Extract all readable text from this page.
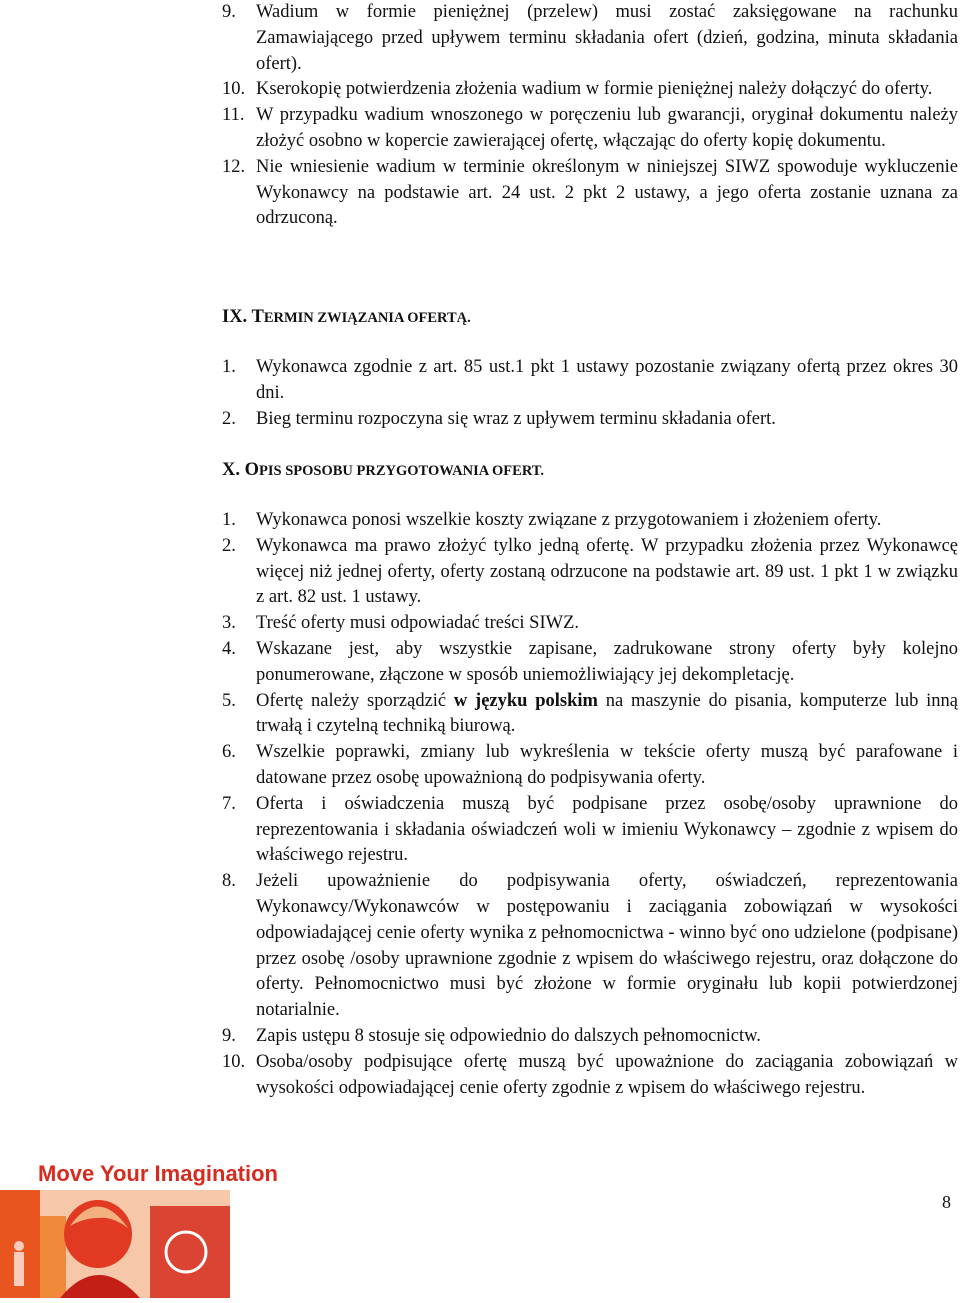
9. Wadium w formie pieniężnej (przelew) musi zostać zaksięgowane na rachunku Zamawiającego przed upływem terminu składania ofert (dzień, godzina, minuta składania ofert).
10. Kserokopię potwierdzenia złożenia wadium w formie pieniężnej należy dołączyć do oferty.
11. W przypadku wadium wnoszonego w poręczeniu lub gwarancji, oryginał dokumentu należy złożyć osobno w kopercie zawierającej ofertę, włączając do oferty kopię dokumentu.
12. Nie wniesienie wadium w terminie określonym w niniejszej SIWZ spowoduje wykluczenie Wykonawcy na podstawie art. 24 ust. 2 pkt 2 ustawy, a jego oferta zostanie uznana za odrzuconą.
IX. TERMIN ZWIĄZANIA OFERTĄ.
1. Wykonawca zgodnie z art. 85 ust.1 pkt 1 ustawy pozostanie związany ofertą przez okres 30 dni.
2. Bieg terminu rozpoczyna się wraz z upływem terminu składania ofert.
X. OPIS SPOSOBU PRZYGOTOWANIA OFERT.
1. Wykonawca ponosi wszelkie koszty związane z przygotowaniem i złożeniem oferty.
2. Wykonawca ma prawo złożyć tylko jedną ofertę. W przypadku złożenia przez Wykonawcę więcej niż jednej oferty, oferty zostaną odrzucone na podstawie art. 89 ust. 1 pkt 1 w związku z art. 82 ust. 1 ustawy.
3. Treść oferty musi odpowiadać treści SIWZ.
4. Wskazane jest, aby wszystkie zapisane, zadrukowane strony oferty były kolejno ponumerowane, złączone w sposób uniemożliwiający jej dekompletację.
5. Ofertę należy sporządzić w języku polskim na maszynie do pisania, komputerze lub inną trwałą i czytelną techniką biurową.
6. Wszelkie poprawki, zmiany lub wykreślenia w tekście oferty muszą być parafowane i datowane przez osobę upoważnioną do podpisywania oferty.
7. Oferta i oświadczenia muszą być podpisane przez osobę/osoby uprawnione do reprezentowania i składania oświadczeń woli w imieniu Wykonawcy – zgodnie z wpisem do właściwego rejestru.
8. Jeżeli upoważnienie do podpisywania oferty, oświadczeń, reprezentowania Wykonawcy/Wykonawców w postępowaniu i zaciągania zobowiązań w wysokości odpowiadającej cenie oferty wynika z pełnomocnictwa - winno być ono udzielone (podpisane) przez osobę /osoby uprawnione zgodnie z wpisem do właściwego rejestru, oraz dołączone do oferty. Pełnomocnictwo musi być złożone w formie oryginału lub kopii potwierdzonej notarialnie.
9. Zapis ustępu 8 stosuje się odpowiednio do dalszych pełnomocnictw.
10. Osoba/osoby podpisujące ofertę muszą być upoważnione do zaciągania zobowiązań w wysokości odpowiadającej cenie oferty zgodnie z wpisem do właściwego rejestru.
Move Your Imagination
8
